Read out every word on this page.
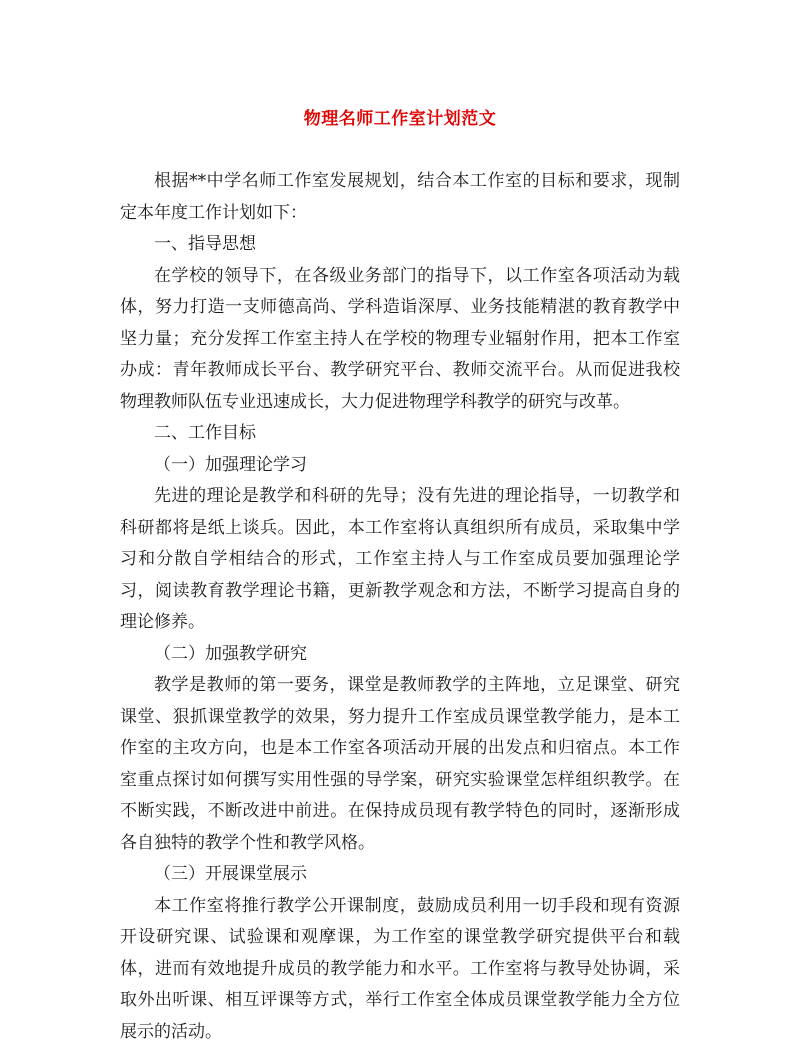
物理名师工作室计划范文

根据**中学名师工作室发展规划，结合本工作室的目标和要求，现制定本年度工作计划如下：

一、指导思想

在学校的领导下，在各级业务部门的指导下，以工作室各项活动为载体，努力打造一支师德高尚、学科造诣深厚、业务技能精湛的教育教学中坚力量；充分发挥工作室主持人在学校的物理专业辐射作用，把本工作室办成：青年教师成长平台、教学研究平台、教师交流平台。从而促进我校物理教师队伍专业迅速成长，大力促进物理学科教学的研究与改革。

二、工作目标

（一）加强理论学习

先进的理论是教学和科研的先导；没有先进的理论指导，一切教学和科研都将是纸上谈兵。因此，本工作室将认真组织所有成员，采取集中学习和分散自学相结合的形式，工作室主持人与工作室成员要加强理论学习，阅读教育教学理论书籍，更新教学观念和方法，不断学习提高自身的理论修养。

（二）加强教学研究

教学是教师的第一要务，课堂是教师教学的主阵地，立足课堂、研究课堂、狠抓课堂教学的效果，努力提升工作室成员课堂教学能力，是本工作室的主攻方向，也是本工作室各项活动开展的出发点和归宿点。本工作室重点探讨如何撰写实用性强的导学案，研究实验课堂怎样组织教学。在不断实践，不断改进中前进。在保持成员现有教学特色的同时，逐渐形成各自独特的教学个性和教学风格。

（三）开展课堂展示

本工作室将推行教学公开课制度，鼓励成员利用一切手段和现有资源开设研究课、试验课和观摩课，为工作室的课堂教学研究提供平台和载体，进而有效地提升成员的教学能力和水平。工作室将与教导处协调，采取外出听课、相互评课等方式，举行工作室全体成员课堂教学能力全方位展示的活动。
